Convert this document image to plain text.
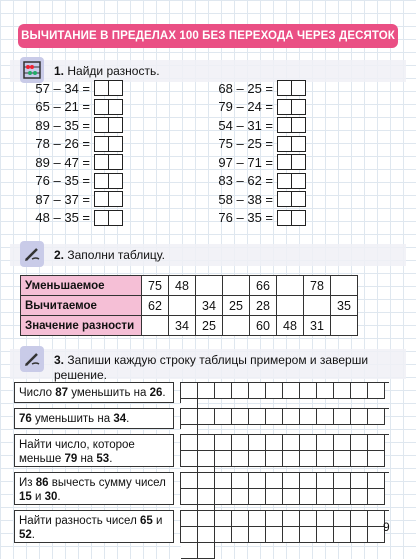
ВЫЧИТАНИЕ В ПРЕДЕЛАХ 100 БЕЗ ПЕРЕХОДА ЧЕРЕЗ ДЕСЯТОК
1. Найди разность.
57 – 34 =
65 – 21 =
89 – 35 =
78 – 26 =
89 – 47 =
76 – 35 =
87 – 37 =
48 – 35 =
68 – 25 =
79 – 24 =
54 – 31 =
75 – 25 =
97 – 71 =
83 – 62 =
58 – 38 =
76 – 35 =
2. Заполни таблицу.
Уменьшаемое	75	48			66		78	
Вычитаемое	62		34	25	28			35
Значение разности		34	25		60	48	31	
3. Запиши каждую строку таблицы примером и заверши решение.
Число 87 уменьшить на 26.
76 уменьшить на 34.
Найти число, которое меньше 79 на 53.
Из 86 вычесть сумму чисел 15 и 30.
Найти разность чисел 65 и 52.
9
